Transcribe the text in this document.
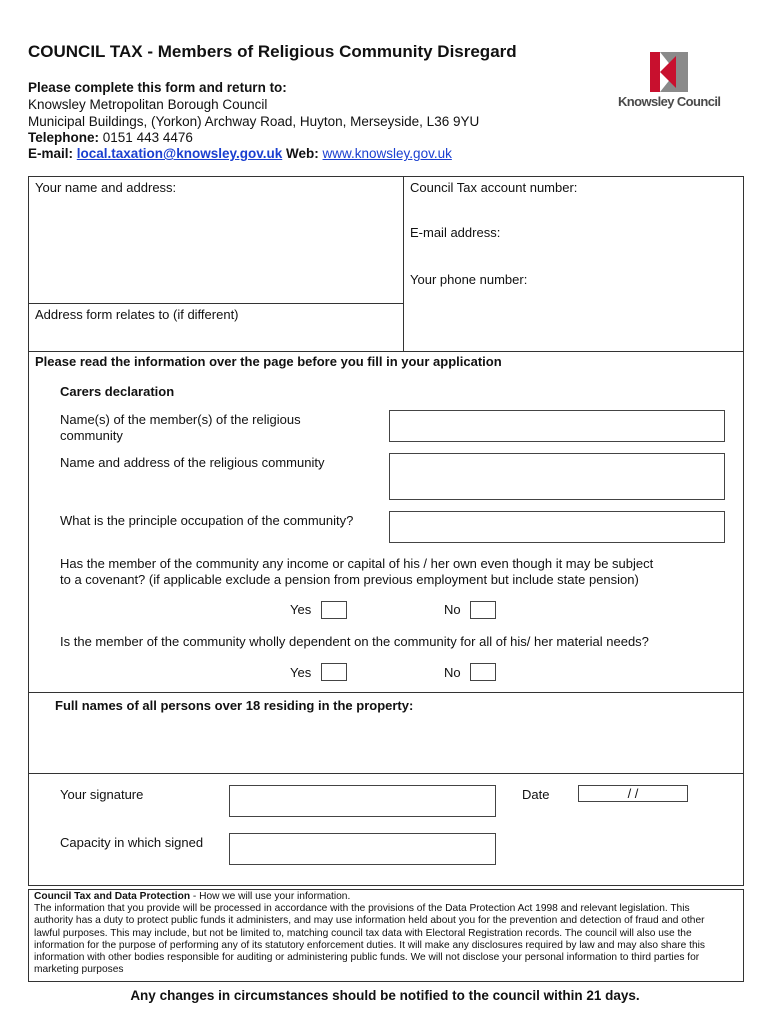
COUNCIL TAX - Members of Religious Community Disregard
Please complete this form and return to:
Knowsley Metropolitan Borough Council
Municipal Buildings, (Yorkon) Archway Road, Huyton, Merseyside, L36 9YU
Telephone: 0151 443 4476
E-mail: local.taxation@knowsley.gov.uk Web: www.knowsley.gov.uk
Knowsley Council
Your name and address:
Address form relates to (if different)
Council Tax account number:
E-mail address:
Your phone number:
Please read the information over the page before you fill in your application
Carers declaration
Name(s) of the member(s) of the religious
community
Name and address of the religious community
What is the principle occupation of the community?
Has the member of the community any income or capital of his / her own even though it may be subject
to a covenant? (if applicable exclude a pension from previous employment but include state pension)
Yes	No
Is the member of the community wholly dependent on the community for all of his/ her material needs?
Yes	No
Full names of all persons over 18 residing in the property:
Your signature	Date	/ /
Capacity in which signed
Council Tax and Data Protection - How we will use your information.
The information that you provide will be processed in accordance with the provisions of the Data Protection Act 1998 and relevant legislation. This authority has a duty to protect public funds it administers, and may use information held about you for the prevention and detection of fraud and other lawful purposes. This may include, but not be limited to, matching council tax data with Electoral Registration records. The council will also use the information for the purpose of performing any of its statutory enforcement duties. It will make any disclosures required by law and may also share this information with other bodies responsible for auditing or administering public funds. We will not disclose your personal information to third parties for marketing purposes
Any changes in circumstances should be notified to the council within 21 days.
